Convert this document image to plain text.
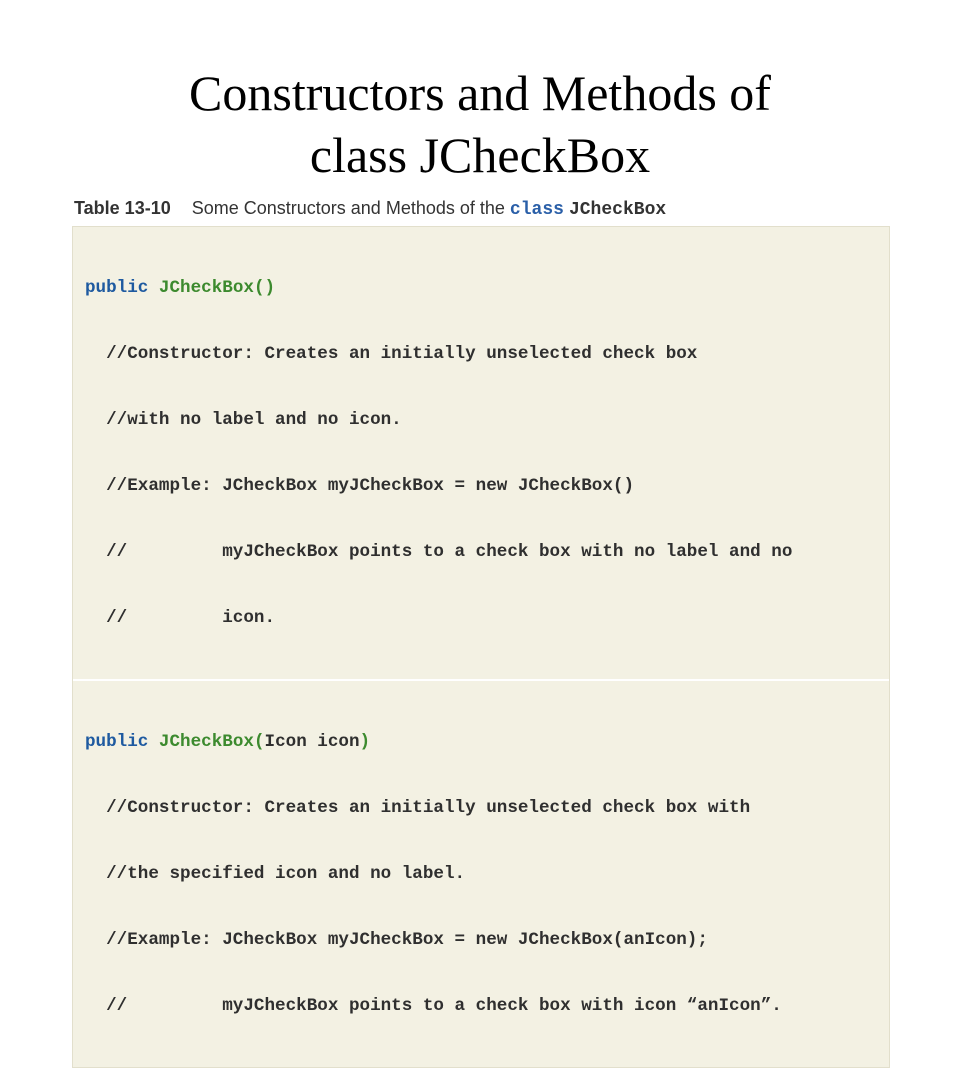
Constructors and Methods of
class JCheckBox
Table 13-10 Some Constructors and Methods of the class JCheckBox

public JCheckBox()

//Constructor: Creates an initially unselected check box

//with no label and no icon.

//Example: JCheckBox myJCheckBox = new JCheckBox()

//         myJCheckBox points to a check box with no label and no

//         icon.

public JCheckBox(Icon icon)

//Constructor: Creates an initially unselected check box with

//the specified icon and no label.

//Example: JCheckBox myJCheckBox = new JCheckBox(anIcon);

//         myJCheckBox points to a check box with icon “anIcon”.
